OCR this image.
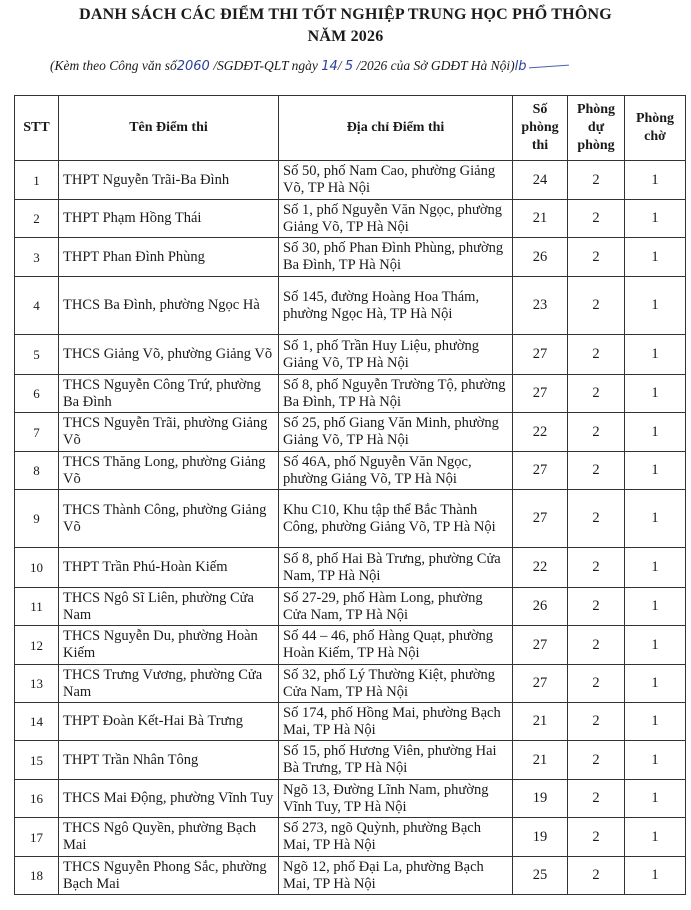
DANH SÁCH CÁC ĐIỂM THI TỐT NGHIỆP TRUNG HỌC PHỔ THÔNG
NĂM 2026
(Kèm theo Công văn số2060 /SGDĐT-QLT ngày 14/ 5 /2026 của Sở GDĐT Hà Nội)lb
STT	Tên Điểm thi	Địa chỉ Điểm thi	Số phòng thi	Phòng dự phòng	Phòng chờ
1	THPT Nguyễn Trãi-Ba Đình	Số 50, phố Nam Cao, phường Giảng Võ, TP Hà Nội	24	2	1
2	THPT Phạm Hồng Thái	Số 1, phố Nguyễn Văn Ngọc, phường Giảng Võ, TP Hà Nội	21	2	1
3	THPT Phan Đình Phùng	Số 30, phố Phan Đình Phùng, phường Ba Đình, TP Hà Nội	26	2	1
4	THCS Ba Đình, phường Ngọc Hà	Số 145, đường Hoàng Hoa Thám, phường Ngọc Hà, TP Hà Nội	23	2	1
5	THCS Giảng Võ, phường Giảng Võ	Số 1, phố Trần Huy Liệu, phường Giảng Võ, TP Hà Nội	27	2	1
6	THCS Nguyễn Công Trứ, phường Ba Đình	Số 8, phố Nguyễn Trường Tộ, phường Ba Đình, TP Hà Nội	27	2	1
7	THCS Nguyễn Trãi, phường Giảng Võ	Số 25, phố Giang Văn Minh, phường Giảng Võ, TP Hà Nội	22	2	1
8	THCS Thăng Long, phường Giảng Võ	Số 46A, phố Nguyễn Văn Ngọc, phường Giảng Võ, TP Hà Nội	27	2	1
9	THCS Thành Công, phường Giảng Võ	Khu C10, Khu tập thể Bắc Thành Công, phường Giảng Võ, TP Hà Nội	27	2	1
10	THPT Trần Phú-Hoàn Kiếm	Số 8, phố Hai Bà Trưng, phường Cửa Nam, TP Hà Nội	22	2	1
11	THCS Ngô Sĩ Liên, phường Cửa Nam	Số 27-29, phố Hàm Long, phường Cửa Nam, TP Hà Nội	26	2	1
12	THCS Nguyễn Du, phường Hoàn Kiếm	Số 44 – 46, phố Hàng Quạt, phường Hoàn Kiếm, TP Hà Nội	27	2	1
13	THCS Trưng Vương, phường Cửa Nam	Số 32, phố Lý Thường Kiệt, phường Cửa Nam, TP Hà Nội	27	2	1
14	THPT Đoàn Kết-Hai Bà Trưng	Số 174, phố Hồng Mai, phường Bạch Mai, TP Hà Nội	21	2	1
15	THPT Trần Nhân Tông	Số 15, phố Hương Viên, phường Hai Bà Trưng, TP Hà Nội	21	2	1
16	THCS Mai Động, phường Vĩnh Tuy	Ngõ 13, Đường Lĩnh Nam, phường Vĩnh Tuy, TP Hà Nội	19	2	1
17	THCS Ngô Quyền, phường Bạch Mai	Số 273, ngõ Quỳnh, phường Bạch Mai, TP Hà Nội	19	2	1
18	THCS Nguyễn Phong Sắc, phường Bạch Mai	Ngõ 12, phố Đại La, phường Bạch Mai, TP Hà Nội	25	2	1
